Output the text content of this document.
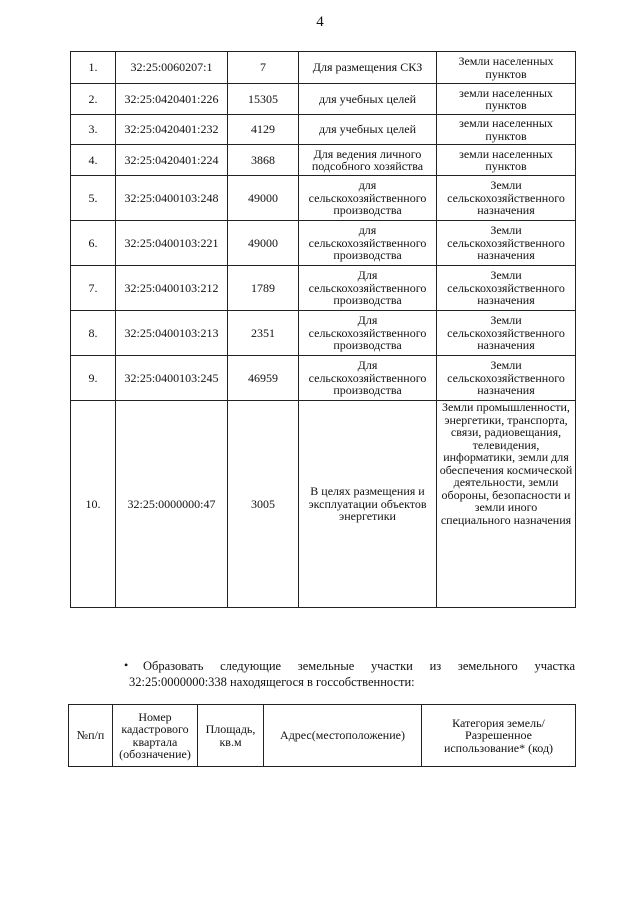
4
1.	32:25:0060207:1	7	Для размещения СКЗ	Земли населенных пунктов
2.	32:25:0420401:226	15305	для учебных целей	земли населенных пунктов
3.	32:25:0420401:232	4129	для учебных целей	земли населенных пунктов
4.	32:25:0420401:224	3868	Для ведения личного подсобного хозяйства	земли населенных пунктов
5.	32:25:0400103:248	49000	для сельскохозяйственного производства	Земли сельскохозяйственного назначения
6.	32:25:0400103:221	49000	для сельскохозяйственного производства	Земли сельскохозяйственного назначения
7.	32:25:0400103:212	1789	Для сельскохозяйственного производства	Земли сельскохозяйственного назначения
8.	32:25:0400103:213	2351	Для сельскохозяйственного производства	Земли сельскохозяйственного назначения
9.	32:25:0400103:245	46959	Для сельскохозяйственного производства	Земли сельскохозяйственного назначения
10.	32:25:0000000:47	3005	В целях размещения и эксплуатации объектов энергетики	Земли промышленности, энергетики, транспорта, связи, радиовещания, телевидения, информатики, земли для обеспечения космической деятельности, земли обороны, безопасности и земли иного специального назначения
• Образовать следующие земельные участки из земельного участка
32:25:0000000:338 находящегося в госсобственности:
№п/п	Номер кадастрового квартала (обозначение)	Площадь, кв.м	Адрес(местоположение)	Категория земель/ Разрешенное использование* (код)
